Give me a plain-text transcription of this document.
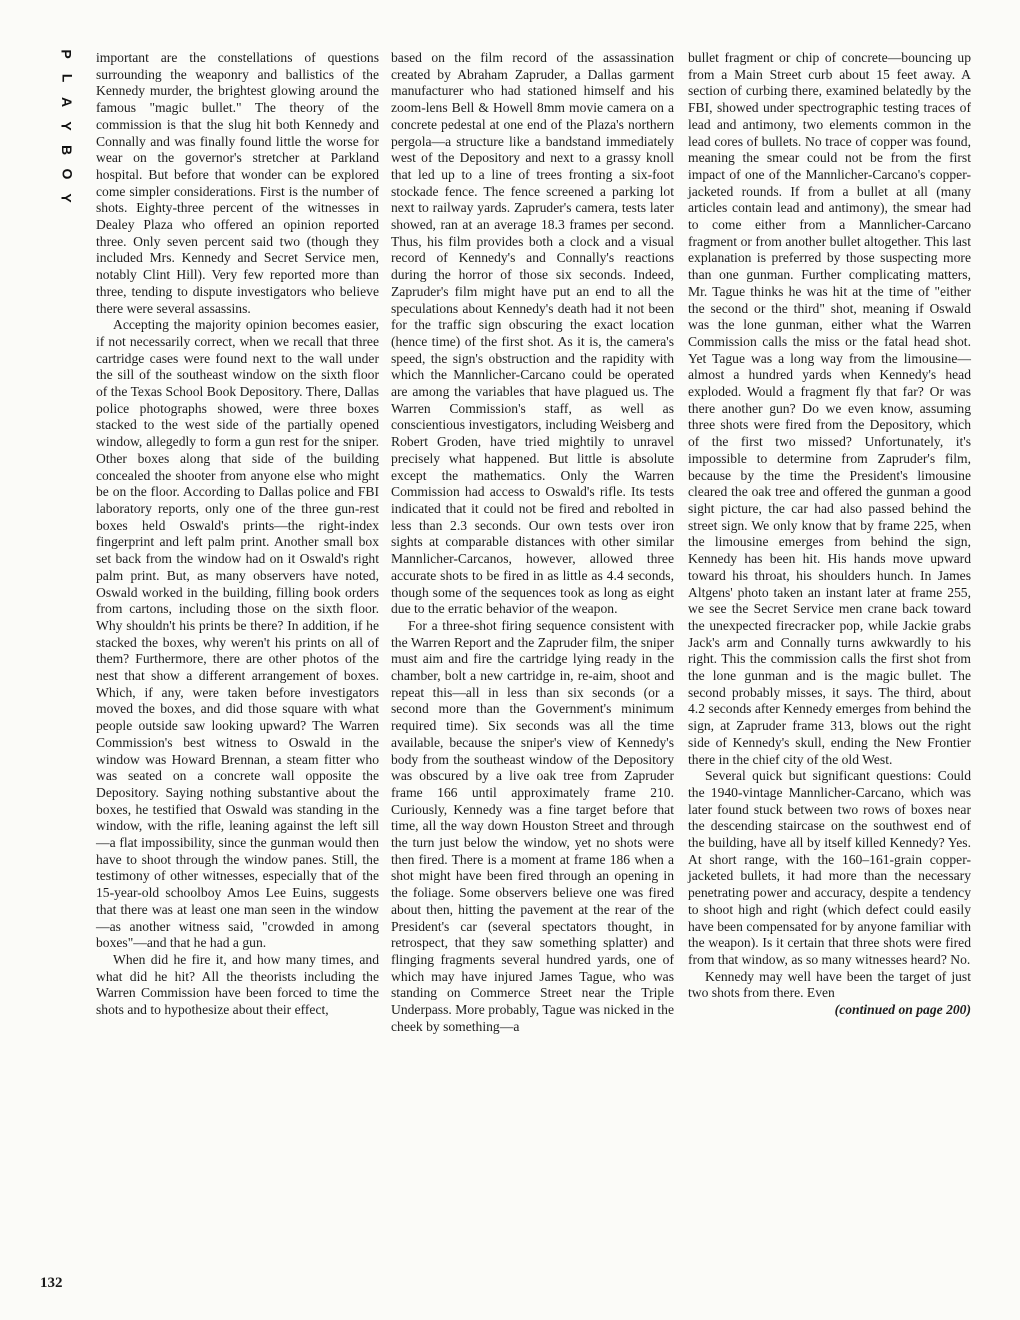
P
L
A
Y
B
O
Y

important are the constellations of questions surrounding the weaponry and ballistics of the Kennedy murder, the brightest glowing around the famous "magic bullet." The theory of the commission is that the slug hit both Kennedy and Connally and was finally found little the worse for wear on the governor's stretcher at Parkland hospital. But before that wonder can be explored come simpler considerations. First is the number of shots. Eighty-three percent of the witnesses in Dealey Plaza who offered an opinion reported three. Only seven percent said two (though they included Mrs. Kennedy and Secret Service men, notably Clint Hill). Very few reported more than three, tending to dispute investigators who believe there were several assassins.

Accepting the majority opinion becomes easier, if not necessarily correct, when we recall that three cartridge cases were found next to the wall under the sill of the southeast window on the sixth floor of the Texas School Book Depository. There, Dallas police photographs showed, were three boxes stacked to the west side of the partially opened window, allegedly to form a gun rest for the sniper. Other boxes along that side of the building concealed the shooter from anyone else who might be on the floor. According to Dallas police and FBI laboratory reports, only one of the three gun-rest boxes held Oswald's prints—the right-index fingerprint and left palm print. Another small box set back from the window had on it Oswald's right palm print. But, as many observers have noted, Oswald worked in the building, filling book orders from cartons, including those on the sixth floor. Why shouldn't his prints be there? In addition, if he stacked the boxes, why weren't his prints on all of them? Furthermore, there are other photos of the nest that show a different arrangement of boxes. Which, if any, were taken before investigators moved the boxes, and did those square with what people outside saw looking upward? The Warren Commission's best witness to Oswald in the window was Howard Brennan, a steam fitter who was seated on a concrete wall opposite the Depository. Saying nothing substantive about the boxes, he testified that Oswald was standing in the window, with the rifle, leaning against the left sill—a flat impossibility, since the gunman would then have to shoot through the window panes. Still, the testimony of other witnesses, especially that of the 15-year-old schoolboy Amos Lee Euins, suggests that there was at least one man seen in the window—as another witness said, "crowded in among boxes"—and that he had a gun.

When did he fire it, and how many times, and what did he hit? All the theorists including the Warren Commission have been forced to time the shots and to hypothesize about their effect,

based on the film record of the assassination created by Abraham Zapruder, a Dallas garment manufacturer who had stationed himself and his zoom-lens Bell & Howell 8mm movie camera on a concrete pedestal at one end of the Plaza's northern pergola—a structure like a bandstand immediately west of the Depository and next to a grassy knoll that led up to a line of trees fronting a six-foot stockade fence. The fence screened a parking lot next to railway yards. Zapruder's camera, tests later showed, ran at an average 18.3 frames per second. Thus, his film provides both a clock and a visual record of Kennedy's and Connally's reactions during the horror of those six seconds. Indeed, Zapruder's film might have put an end to all the speculations about Kennedy's death had it not been for the traffic sign obscuring the exact location (hence time) of the first shot. As it is, the camera's speed, the sign's obstruction and the rapidity with which the Mannlicher-Carcano could be operated are among the variables that have plagued us. The Warren Commission's staff, as well as conscientious investigators, including Weisberg and Robert Groden, have tried mightily to unravel precisely what happened. But little is absolute except the mathematics. Only the Warren Commission had access to Oswald's rifle. Its tests indicated that it could not be fired and rebolted in less than 2.3 seconds. Our own tests over iron sights at comparable distances with other similar Mannlicher-Carcanos, however, allowed three accurate shots to be fired in as little as 4.4 seconds, though some of the sequences took as long as eight due to the erratic behavior of the weapon.

For a three-shot firing sequence consistent with the Warren Report and the Zapruder film, the sniper must aim and fire the cartridge lying ready in the chamber, bolt a new cartridge in, re-aim, shoot and repeat this—all in less than six seconds (or a second more than the Government's minimum required time). Six seconds was all the time available, because the sniper's view of Kennedy's body from the southeast window of the Depository was obscured by a live oak tree from Zapruder frame 166 until approximately frame 210. Curiously, Kennedy was a fine target before that time, all the way down Houston Street and through the turn just below the window, yet no shots were then fired. There is a moment at frame 186 when a shot might have been fired through an opening in the foliage. Some observers believe one was fired about then, hitting the pavement at the rear of the President's car (several spectators thought, in retrospect, that they saw something splatter) and flinging fragments several hundred yards, one of which may have injured James Tague, who was standing on Commerce Street near the Triple Underpass. More probably, Tague was nicked in the cheek by something—a

bullet fragment or chip of concrete—bouncing up from a Main Street curb about 15 feet away. A section of curbing there, examined belatedly by the FBI, showed under spectrographic testing traces of lead and antimony, two elements common in the lead cores of bullets. No trace of copper was found, meaning the smear could not be from the first impact of one of the Mannlicher-Carcano's copper-jacketed rounds. If from a bullet at all (many articles contain lead and antimony), the smear had to come either from a Mannlicher-Carcano fragment or from another bullet altogether. This last explanation is preferred by those suspecting more than one gunman. Further complicating matters, Mr. Tague thinks he was hit at the time of "either the second or the third" shot, meaning if Oswald was the lone gunman, either what the Warren Commission calls the miss or the fatal head shot. Yet Tague was a long way from the limousine—almost a hundred yards when Kennedy's head exploded. Would a fragment fly that far? Or was there another gun? Do we even know, assuming three shots were fired from the Depository, which of the first two missed? Unfortunately, it's impossible to determine from Zapruder's film, because by the time the President's limousine cleared the oak tree and offered the gunman a good sight picture, the car had also passed behind the street sign. We only know that by frame 225, when the limousine emerges from behind the sign, Kennedy has been hit. His hands move upward toward his throat, his shoulders hunch. In James Altgens' photo taken an instant later at frame 255, we see the Secret Service men crane back toward the unexpected firecracker pop, while Jackie grabs Jack's arm and Connally turns awkwardly to his right. This the commission calls the first shot from the lone gunman and is the magic bullet. The second probably misses, it says. The third, about 4.2 seconds after Kennedy emerges from behind the sign, at Zapruder frame 313, blows out the right side of Kennedy's skull, ending the New Frontier there in the chief city of the old West.

Several quick but significant questions: Could the 1940-vintage Mannlicher-Carcano, which was later found stuck between two rows of boxes near the descending staircase on the southwest end of the building, have all by itself killed Kennedy? Yes. At short range, with the 160–161-grain copper-jacketed bullets, it had more than the necessary penetrating power and accuracy, despite a tendency to shoot high and right (which defect could easily have been compensated for by anyone familiar with the weapon). Is it certain that three shots were fired from that window, as so many witnesses heard? No.

Kennedy may well have been the target of just two shots from there. Even

(continued on page 200)
132
